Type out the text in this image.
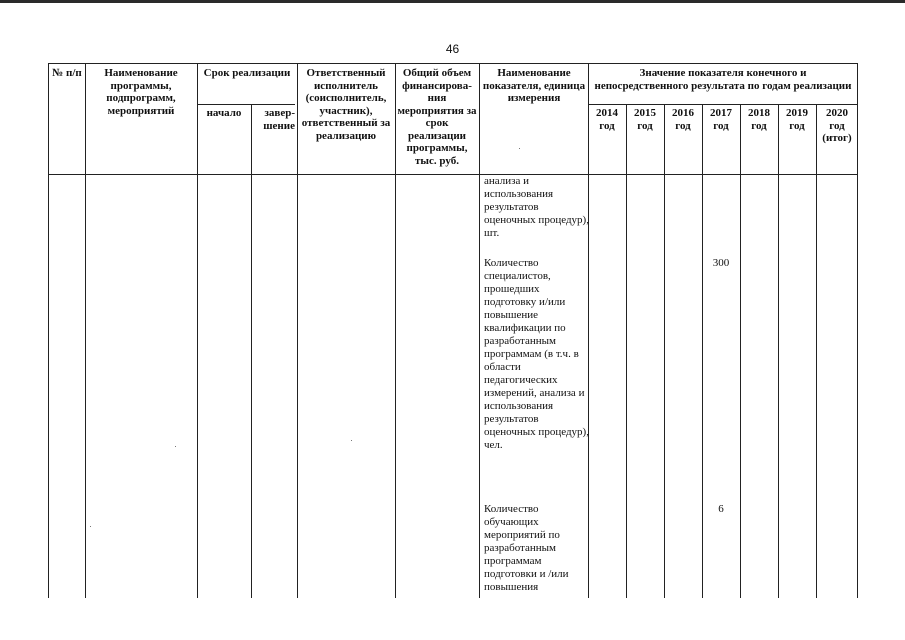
46
№ п/п	Наименование программы, подпрограмм, мероприятий
Срок реализации
начало	завер-шение
Ответственный исполнитель (соисполнитель, участник), ответственный за реализацию
Общий объем финансирова-ния мероприятия за срок реализации программы, тыс. руб.
Наименование показателя, единица измерения
Значение показателя конечного и непосредственного результата по годам реализации
2014
год
2015
год
2016
год
2017
год
2018
год
2019
год
2020
год (итог)
анализа и использования результатов оценочных процедур), шт.
Количество специалистов, прошедших подготовку и/или повышение квалификации по разработанным программам (в т.ч. в области педагогических измерений, анализа и использования результатов оценочных процедур), чел.
Количество обучающих мероприятий по разработанным программам подготовки и /или повышения
300
6
